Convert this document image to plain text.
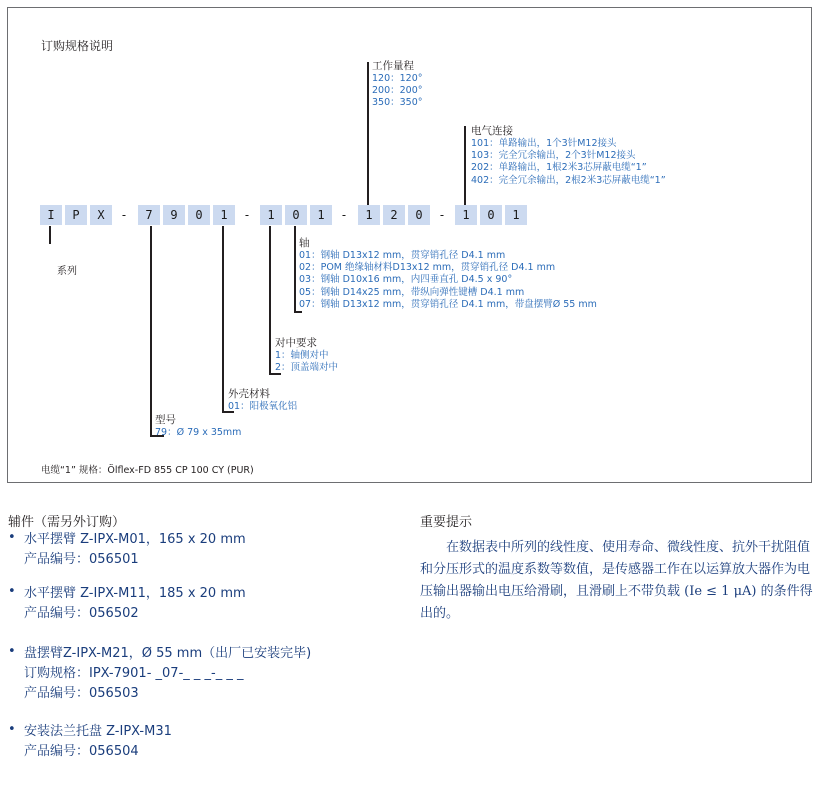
订购规格说明
I	P	X	-	7	9	0	1	-	1	0	1	-	1	2	0	-	1	0	1
系列
工作量程
120：120°
200：200°
350：350°
电气连接
101：单路输出，1个3针M12接头
103：完全冗余输出，2个3针M12接头
202：单路输出，1根2米3芯屏蔽电缆“1”
402：完全冗余输出，2根2米3芯屏蔽电缆“1”
轴
01：钢轴 D13x12 mm，贯穿销孔径 D4.1 mm
02：POM 绝缘轴材料D13x12 mm，贯穿销孔径 D4.1 mm
03：钢轴 D10x16 mm，内四垂直孔 D4.5 x 90°
05：钢轴 D14x25 mm，带纵向弹性键槽 D4.1 mm
07：钢轴 D13x12 mm，贯穿销孔径 D4.1 mm，带盘摆臂Ø 55 mm
对中要求
1：轴侧对中
2：顶盖端对中
外壳材料
01：阳极氧化铝
型号
79：Ø 79 x 35mm
电缆“1” 规格：Ölflex-FD 855 CP 100 CY (PUR)
辅件（需另外订购）
• 水平摆臂 Z-IPX-M01，165 x 20 mm
产品编号：056501
• 水平摆臂 Z-IPX-M11，185 x 20 mm
产品编号：056502
• 盘摆臂Z-IPX-M21，Ø 55 mm（出厂已安装完毕)
订购规格：IPX-7901- _07-_ _ _-_ _ _
产品编号：056503
• 安装法兰托盘 Z-IPX-M31
产品编号：056504
重要提示
在数据表中所列的线性度、使用寿命、微线性度、抗外干扰阻值和分压形式的温度系数等数值，是传感器工作在以运算放大器作为电压输出器输出电压给滑刷，且滑刷上不带负载 (Ie ≤ 1 μA) 的条件得出的。
